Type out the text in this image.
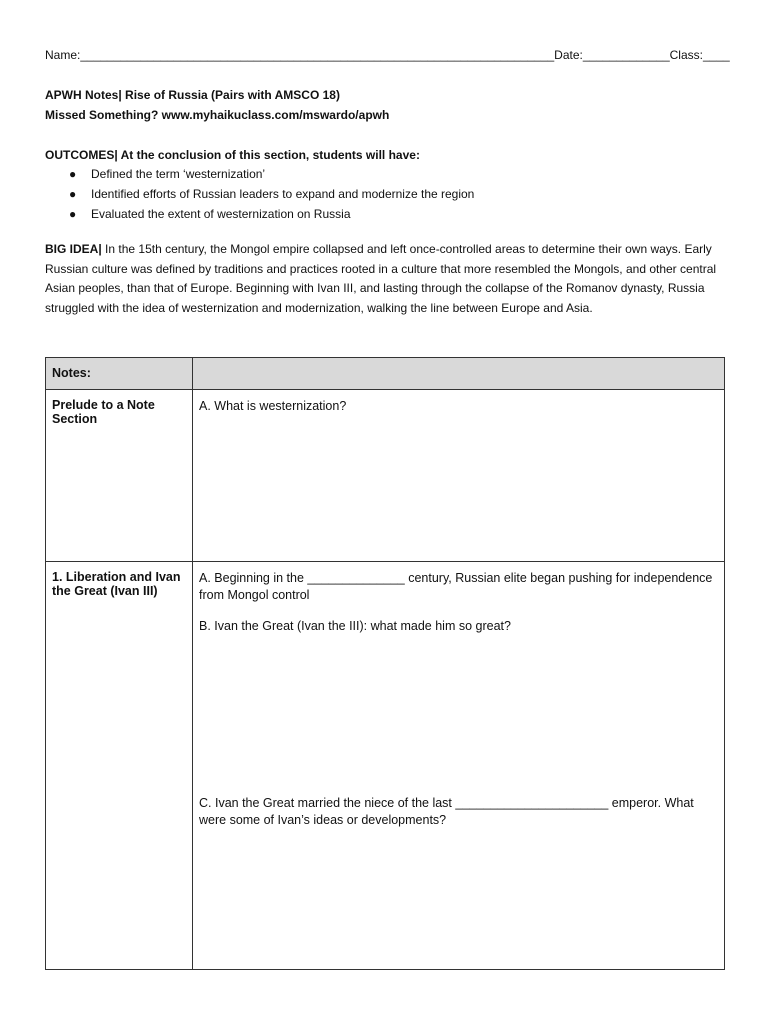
Name:_______________________________________________________________________Date:_____________Class:____
APWH Notes| Rise of Russia (Pairs with AMSCO 18)
Missed Something? www.myhaikuclass.com/mswardo/apwh
OUTCOMES| At the conclusion of this section, students will have:
● Defined the term ‘westernization’
● Identified efforts of Russian leaders to expand and modernize the region
● Evaluated the extent of westernization on Russia
BIG IDEA| In the 15th century, the Mongol empire collapsed and left once-controlled areas to determine their own ways. Early Russian culture was defined by traditions and practices rooted in a culture that more resembled the Mongols, and other central Asian peoples, than that of Europe. Beginning with Ivan III, and lasting through the collapse of the Romanov dynasty, Russia struggled with the idea of westernization and modernization, walking the line between Europe and Asia.
Notes:	
Prelude to a Note Section	A. What is westernization?

1. Liberation and Ivan the Great (Ivan III)	A. Beginning in the ______________ century, Russian elite began pushing for independence from Mongol control

B. Ivan the Great (Ivan the III): what made him so great?

C. Ivan the Great married the niece of the last ______________________ emperor. What were some of Ivan’s ideas or developments?
